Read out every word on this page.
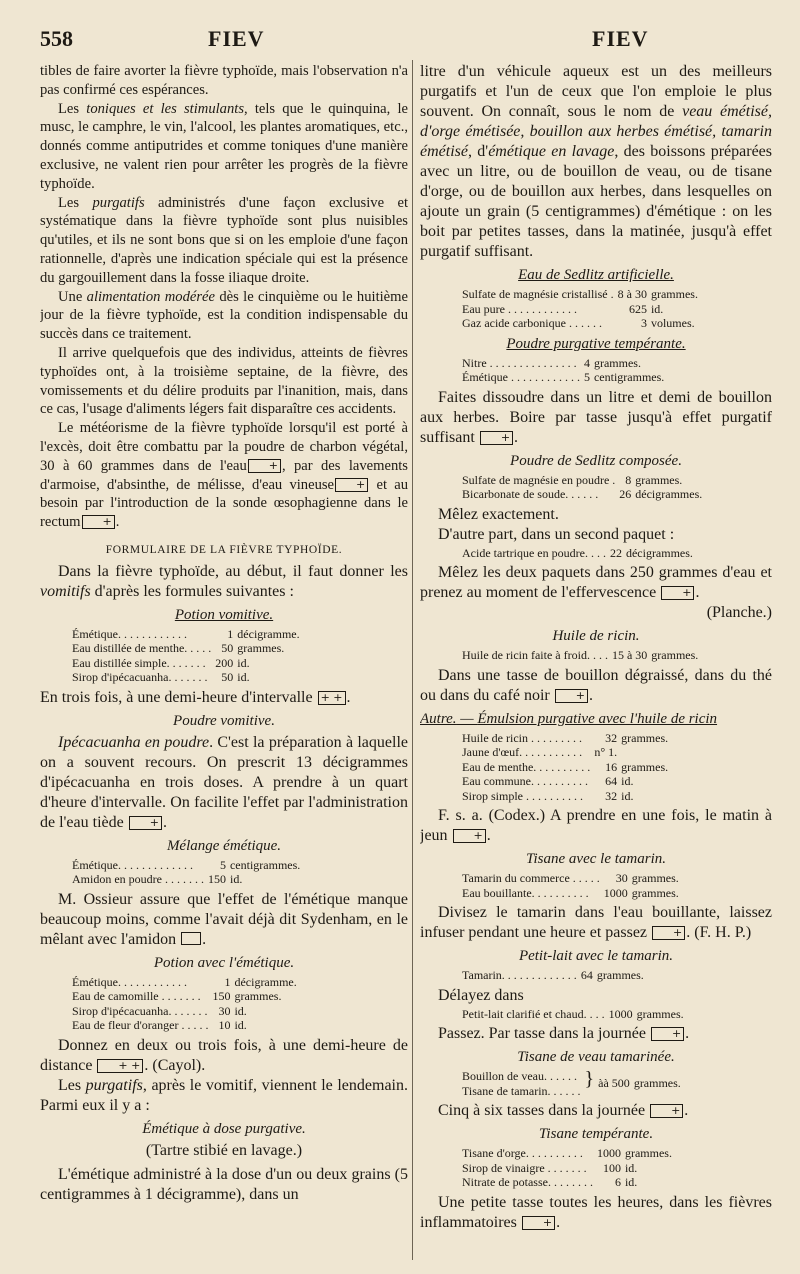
558	FIEV	FIEV

tibles de faire avorter la fièvre typhoïde, mais l'observation n'a pas confirmé ces espérances.

Les toniques et les stimulants, tels que le quinquina, le musc, le camphre, le vin, l'alcool, les plantes aromatiques, etc., donnés comme antiputrides et comme toniques d'une manière exclusive, ne valent rien pour arrêter les progrès de la fièvre typhoïde.

Les purgatifs administrés d'une façon exclusive et systématique dans la fièvre typhoïde sont plus nuisibles qu'utiles, et ils ne sont bons que si on les emploie d'une façon rationnelle, d'après une indication spéciale qui est la présence du gargouillement dans la fosse iliaque droite.

Une alimentation modérée dès le cinquième ou le huitième jour de la fièvre typhoïde, est la condition indispensable du succès dans ce traitement.

Il arrive quelquefois que des individus, atteints de fièvres typhoïdes ont, à la troisième septaine, de la fièvre, des vomissements et du délire produits par l'inanition, mais, dans ce cas, l'usage d'aliments légers fait disparaître ces accidents.

Le météorisme de la fièvre typhoïde lorsqu'il est porté à l'excès, doit être combattu par la poudre de charbon végétal, 30 à 60 grammes dans de l'eau + , par des lavements d'armoise, d'absinthe, de mélisse, d'eau vineuse + et au besoin par l'introduction de la sonde œsophagienne dans le rectum + .

FORMULAIRE DE LA FIÈVRE TYPHOÏDE.

Dans la fièvre typhoïde, au début, il faut donner les vomitifs d'après les formules suivantes :

Potion vomitive.
Émétique. . . . . . . . . . . .	1	décigramme.
Eau distillée de menthe. . . . .	50	grammes.
Eau distillée simple. . . . . . .	200	id.
Sirop d'ipécacuanha. . . . . . .	50	id.

En trois fois, à une demi-heure d'intervalle + + .

Poudre vomitive.

Ipécacuanha en poudre. C'est la préparation à laquelle on a souvent recours. On prescrit 13 décigrammes d'ipécacuanha en trois doses. A prendre à un quart d'heure d'intervalle. On facilite l'effet par l'administration de l'eau tiède + .

Mélange émétique.
Émétique. . . . . . . . . . . . .	5	centigrammes.
Amidon en poudre . . . . . . .	150	id.

M. Ossieur assure que l'effet de l'émétique manque beaucoup moins, comme l'avait déjà dit Sydenham, en le mêlant avec l'amidon .

Potion avec l'émétique.
Émétique. . . . . . . . . . . .	1	décigramme.
Eau de camomille . . . . . . .	150	grammes.
Sirop d'ipécacuanha. . . . . . .	30	id.
Eau de fleur d'oranger . . . . .	10	id.

Donnez en deux ou trois fois, à une demi-heure de distance + + . (Cayol).

Les purgatifs, après le vomitif, viennent le lendemain. Parmi eux il y a :

Émétique à dose purgative.
(Tartre stibié en lavage.)

L'émétique administré à la dose d'un ou deux grains (5 centigrammes à 1 décigramme), dans un

litre d'un véhicule aqueux est un des meilleurs purgatifs et l'un de ceux que l'on emploie le plus souvent. On connaît, sous le nom de veau émétisé, d'orge émétisée, bouillon aux herbes émétisé, tamarin émétisé, d'émétique en lavage, des boissons préparées avec un litre, ou de bouillon de veau, ou de tisane d'orge, ou de bouillon aux herbes, dans lesquelles on ajoute un grain (5 centigrammes) d'émétique : on les boit par petites tasses, dans la matinée, jusqu'à effet purgatif suffisant.

Eau de Sedlitz artificielle.
Sulfate de magnésie cristallisé .	8 à 30	grammes.
Eau pure . . . . . . . . . . . .	625	id.
Gaz acide carbonique . . . . . .	3	volumes.
Poudre purgative tempérante.
Nitre . . . . . . . . . . . . . . .	4	grammes.
Émétique . . . . . . . . . . . .	5	centigrammes.

Faites dissoudre dans un litre et demi de bouillon aux herbes. Boire par tasse jusqu'à effet purgatif suffisant + .

Poudre de Sedlitz composée.
Sulfate de magnésie en poudre .	8	grammes.
Bicarbonate de soude. . . . . .	26	décigrammes.

Mêlez exactement.

D'autre part, dans un second paquet :

Acide tartrique en poudre. . . .	22	décigrammes.

Mêlez les deux paquets dans 250 grammes d'eau et prenez au moment de l'effervescence + .

(Planche.)
Huile de ricin.
Huile de ricin faite à froid. . . .	15 à 30	grammes.

Dans une tasse de bouillon dégraissé, dans du thé ou dans du café noir + .

Autre. — Émulsion purgative avec l'huile de ricin
Huile de ricin . . . . . . . . .	32	grammes.
Jaune d'œuf. . . . . . . . . . .	n° 1.	
Eau de menthe. . . . . . . . . .	16	grammes.
Eau commune. . . . . . . . . .	64	id.
Sirop simple . . . . . . . . . .	32	id.

F. s. a. (Codex.) A prendre en une fois, le matin à jeun + .

Tisane avec le tamarin.
Tamarin du commerce . . . . .	30	grammes.
Eau bouillante. . . . . . . . . .	1000	grammes.

Divisez le tamarin dans l'eau bouillante, laissez infuser pendant une heure et passez + . (F. H. P.)

Petit-lait avec le tamarin.
Tamarin. . . . . . . . . . . . .	64	grammes.

Délayez dans

Petit-lait clarifié et chaud. . . .	1000	grammes.

Passez. Par tasse dans la journée + .

Tisane de veau tamarinée.
Bouillon de veau. . . . . .
Tisane de tamarin. . . . . .
	}	àà 500	grammes.

Cinq à six tasses dans la journée + .

Tisane tempérante.
Tisane d'orge. . . . . . . . . .	1000	grammes.
Sirop de vinaigre . . . . . . .	100	id.
Nitrate de potasse. . . . . . . .	6	id.

Une petite tasse toutes les heures, dans les fièvres inflammatoires + .
